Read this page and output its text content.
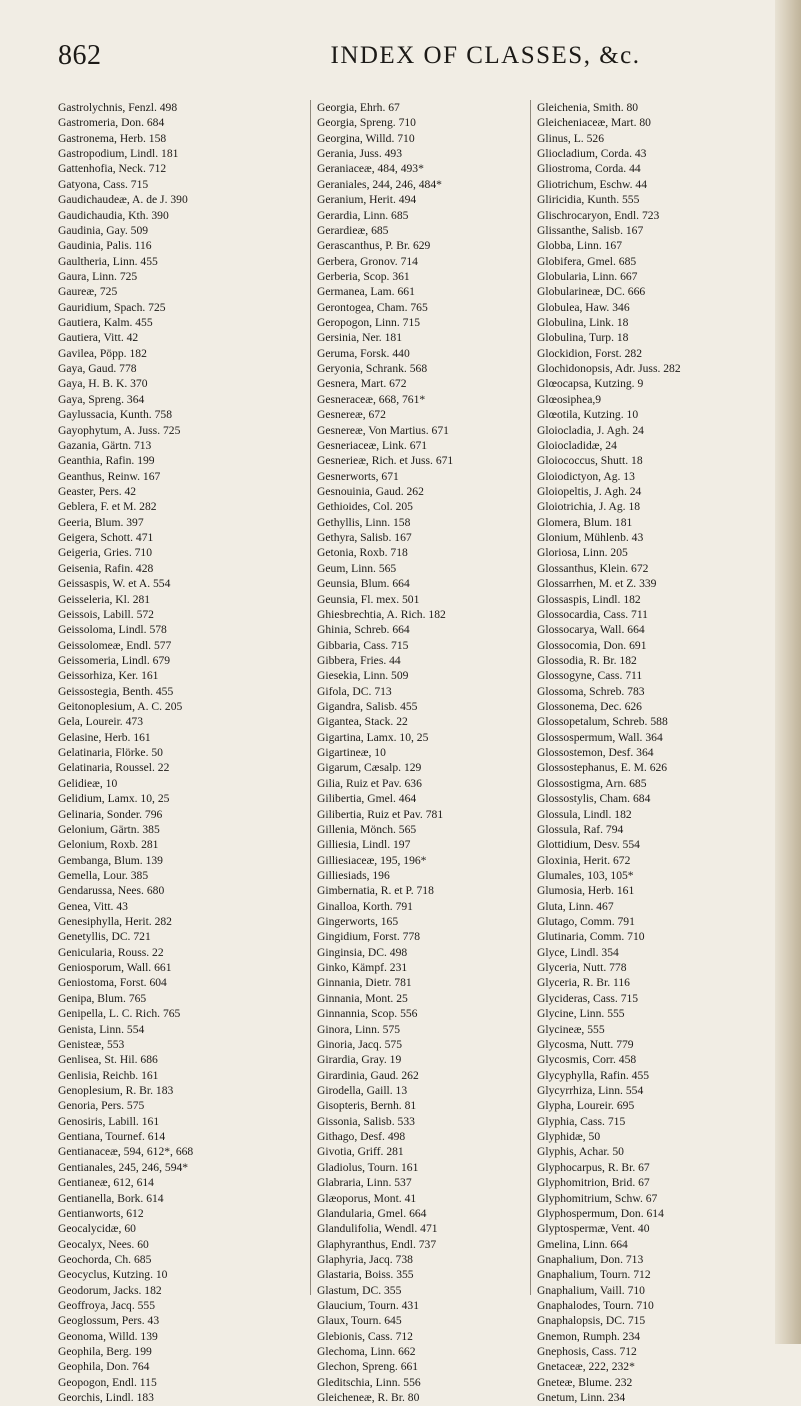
862	INDEX OF CLASSES, &c.
Gastrolychnis, Fenzl. 498
Gastromeria, Don. 684
Gastronema, Herb. 158
Gastropodium, Lindl. 181
Gattenhofia, Neck. 712
Gatyona, Cass. 715
Gaudichaudeæ, A. de J. 390
Gaudichaudia, Kth. 390
Gaudinia, Gay. 509
Gaudinia, Palis. 116
Gaultheria, Linn. 455
Gaura, Linn. 725
Gaureæ, 725
Gauridium, Spach. 725
Gautiera, Kalm. 455
Gautiera, Vitt. 42
Gavilea, Pöpp. 182
Gaya, Gaud. 778
Gaya, H. B. K. 370
Gaya, Spreng. 364
Gaylussacia, Kunth. 758
Gayophytum, A. Juss. 725
Gazania, Gärtn. 713
Geanthia, Rafin. 199
Geanthus, Reinw. 167
Geaster, Pers. 42
Geblera, F. et M. 282
Geeria, Blum. 397
Geigera, Schott. 471
Geigeria, Gries. 710
Geisenia, Rafin. 428
Geissaspis, W. et A. 554
Geisseleria, Kl. 281
Geissois, Labill. 572
Geissoloma, Lindl. 578
Geissolomeæ, Endl. 577
Geissomeria, Lindl. 679
Geissorhiza, Ker. 161
Geissostegia, Benth. 455
Geitonoplesium, A. C. 205
Gela, Loureir. 473
Gelasine, Herb. 161
Gelatinaria, Flörke. 50
Gelatinaria, Roussel. 22
Gelidieæ, 10
Gelidium, Lamx. 10, 25
Gelinaria, Sonder. 796
Gelonium, Gärtn. 385
Gelonium, Roxb. 281
Gembanga, Blum. 139
Gemella, Lour. 385
Gendarussa, Nees. 680
Genea, Vitt. 43
Genesiphylla, Herit. 282
Genetyllis, DC. 721
Genicularia, Rouss. 22
Geniosporum, Wall. 661
Geniostoma, Forst. 604
Genipa, Blum. 765
Genipella, L. C. Rich. 765
Genista, Linn. 554
Genisteæ, 553
Genlisea, St. Hil. 686
Genlisia, Reichb. 161
Genoplesium, R. Br. 183
Genoria, Pers. 575
Genosiris, Labill. 161
Gentiana, Tournef. 614
Gentianaceæ, 594, 612*, 668
Gentianales, 245, 246, 594*
Gentianeæ, 612, 614
Gentianella, Bork. 614
Gentianworts, 612
Geocalycidæ, 60
Geocalyx, Nees. 60
Geochorda, Ch. 685
Geocyclus, Kutzing. 10
Geodorum, Jacks. 182
Geoffroya, Jacq. 555
Geoglossum, Pers. 43
Geonoma, Willd. 139
Geophila, Berg. 199
Geophila, Don. 764
Geopogon, Endl. 115
Georchis, Lindl. 183
Georgia, Ehrh. 67
Georgia, Spreng. 710
Georgina, Willd. 710
Gerania, Juss. 493
Geraniaceæ, 484, 493*
Geraniales, 244, 246, 484*
Geranium, Herit. 494
Gerardia, Linn. 685
Gerardieæ, 685
Gerascanthus, P. Br. 629
Gerbera, Gronov. 714
Gerberia, Scop. 361
Germanea, Lam. 661
Gerontogea, Cham. 765
Geropogon, Linn. 715
Gersinia, Ner. 181
Geruma, Forsk. 440
Geryonia, Schrank. 568
Gesnera, Mart. 672
Gesneraceæ, 668, 761*
Gesnereæ, 672
Gesnereæ, Von Martius. 671
Gesneriaceæ, Link. 671
Gesnerieæ, Rich. et Juss. 671
Gesnerworts, 671
Gesnouinia, Gaud. 262
Gethioides, Col. 205
Gethyllis, Linn. 158
Gethyra, Salisb. 167
Getonia, Roxb. 718
Geum, Linn. 565
Geunsia, Blum. 664
Geunsia, Fl. mex. 501
Ghiesbrechtia, A. Rich. 182
Ghinia, Schreb. 664
Gibbaria, Cass. 715
Gibbera, Fries. 44
Giesekia, Linn. 509
Gifola, DC. 713
Gigandra, Salisb. 455
Gigantea, Stack. 22
Gigartina, Lamx. 10, 25
Gigartineæ, 10
Gigarum, Cæsalp. 129
Gilia, Ruiz et Pav. 636
Gilibertia, Gmel. 464
Gilibertia, Ruiz et Pav. 781
Gillenia, Mönch. 565
Gilliesia, Lindl. 197
Gilliesiaceæ, 195, 196*
Gilliesiads, 196
Gimbernatia, R. et P. 718
Ginalloa, Korth. 791
Gingerworts, 165
Gingidium, Forst. 778
Ginginsia, DC. 498
Ginko, Kämpf. 231
Ginnania, Dietr. 781
Ginnania, Mont. 25
Ginnannia, Scop. 556
Ginora, Linn. 575
Ginoria, Jacq. 575
Girardia, Gray. 19
Girardinia, Gaud. 262
Girodella, Gaill. 13
Gisopteris, Bernh. 81
Gissonia, Salisb. 533
Githago, Desf. 498
Givotia, Griff. 281
Gladiolus, Tourn. 161
Glabraria, Linn. 537
Glæoporus, Mont. 41
Glandularia, Gmel. 664
Glandulifolia, Wendl. 471
Glaphyranthus, Endl. 737
Glaphyria, Jacq. 738
Glastaria, Boiss. 355
Glastum, DC. 355
Glaucium, Tourn. 431
Glaux, Tourn. 645
Glebionis, Cass. 712
Glechoma, Linn. 662
Glechon, Spreng. 661
Gleditschia, Linn. 556
Gleicheneæ, R. Br. 80
Gleichenia, Smith. 80
Gleicheniaceæ, Mart. 80
Glinus, L. 526
Gliocladium, Corda. 43
Gliostroma, Corda. 44
Gliotrichum, Eschw. 44
Gliricidia, Kunth. 555
Glischrocaryon, Endl. 723
Glissanthe, Salisb. 167
Globba, Linn. 167
Globifera, Gmel. 685
Globularia, Linn. 667
Globularineæ, DC. 666
Globulea, Haw. 346
Globulina, Link. 18
Globulina, Turp. 18
Glockidion, Forst. 282
Glochidonopsis, Adr. Juss. 282
Glœocapsa, Kutzing. 9
Glœosiphea,9
Glœotila, Kutzing. 10
Gloiocladia, J. Agh. 24
Gloiocladidæ, 24
Gloiococcus, Shutt. 18
Gloiodictyon, Ag. 13
Gloiopeltis, J. Agh. 24
Gloiotrichia, J. Ag. 18
Glomera, Blum. 181
Glonium, Mühlenb. 43
Gloriosa, Linn. 205
Glossanthus, Klein. 672
Glossarrhen, M. et Z. 339
Glossaspis, Lindl. 182
Glossocardia, Cass. 711
Glossocarya, Wall. 664
Glossocomia, Don. 691
Glossodia, R. Br. 182
Glossogyne, Cass. 711
Glossoma, Schreb. 783
Glossonema, Dec. 626
Glossopetalum, Schreb. 588
Glossospermum, Wall. 364
Glossostemon, Desf. 364
Glossostephanus, E. M. 626
Glossostigma, Arn. 685
Glossostylis, Cham. 684
Glossula, Lindl. 182
Glossula, Raf. 794
Glottidium, Desv. 554
Gloxinia, Herit. 672
Glumales, 103, 105*
Glumosia, Herb. 161
Gluta, Linn. 467
Glutago, Comm. 791
Glutinaria, Comm. 710
Glyce, Lindl. 354
Glyceria, Nutt. 778
Glyceria, R. Br. 116
Glycideras, Cass. 715
Glycine, Linn. 555
Glycineæ, 555
Glycosma, Nutt. 779
Glycosmis, Corr. 458
Glycyphylla, Rafin. 455
Glycyrrhiza, Linn. 554
Glypha, Loureir. 695
Glyphia, Cass. 715
Glyphidæ, 50
Glyphis, Achar. 50
Glyphocarpus, R. Br. 67
Glyphomitrion, Brid. 67
Glyphomitrium, Schw. 67
Glyphospermum, Don. 614
Glyptospermæ, Vent. 40
Gmelina, Linn. 664
Gnaphalium, Don. 713
Gnaphalium, Tourn. 712
Gnaphalium, Vaill. 710
Gnaphalodes, Tourn. 710
Gnaphalopsis, DC. 715
Gnemon, Rumph. 234
Gnephosis, Cass. 712
Gnetaceæ, 222, 232*
Gneteæ, Blume. 232
Gnetum, Linn. 234
